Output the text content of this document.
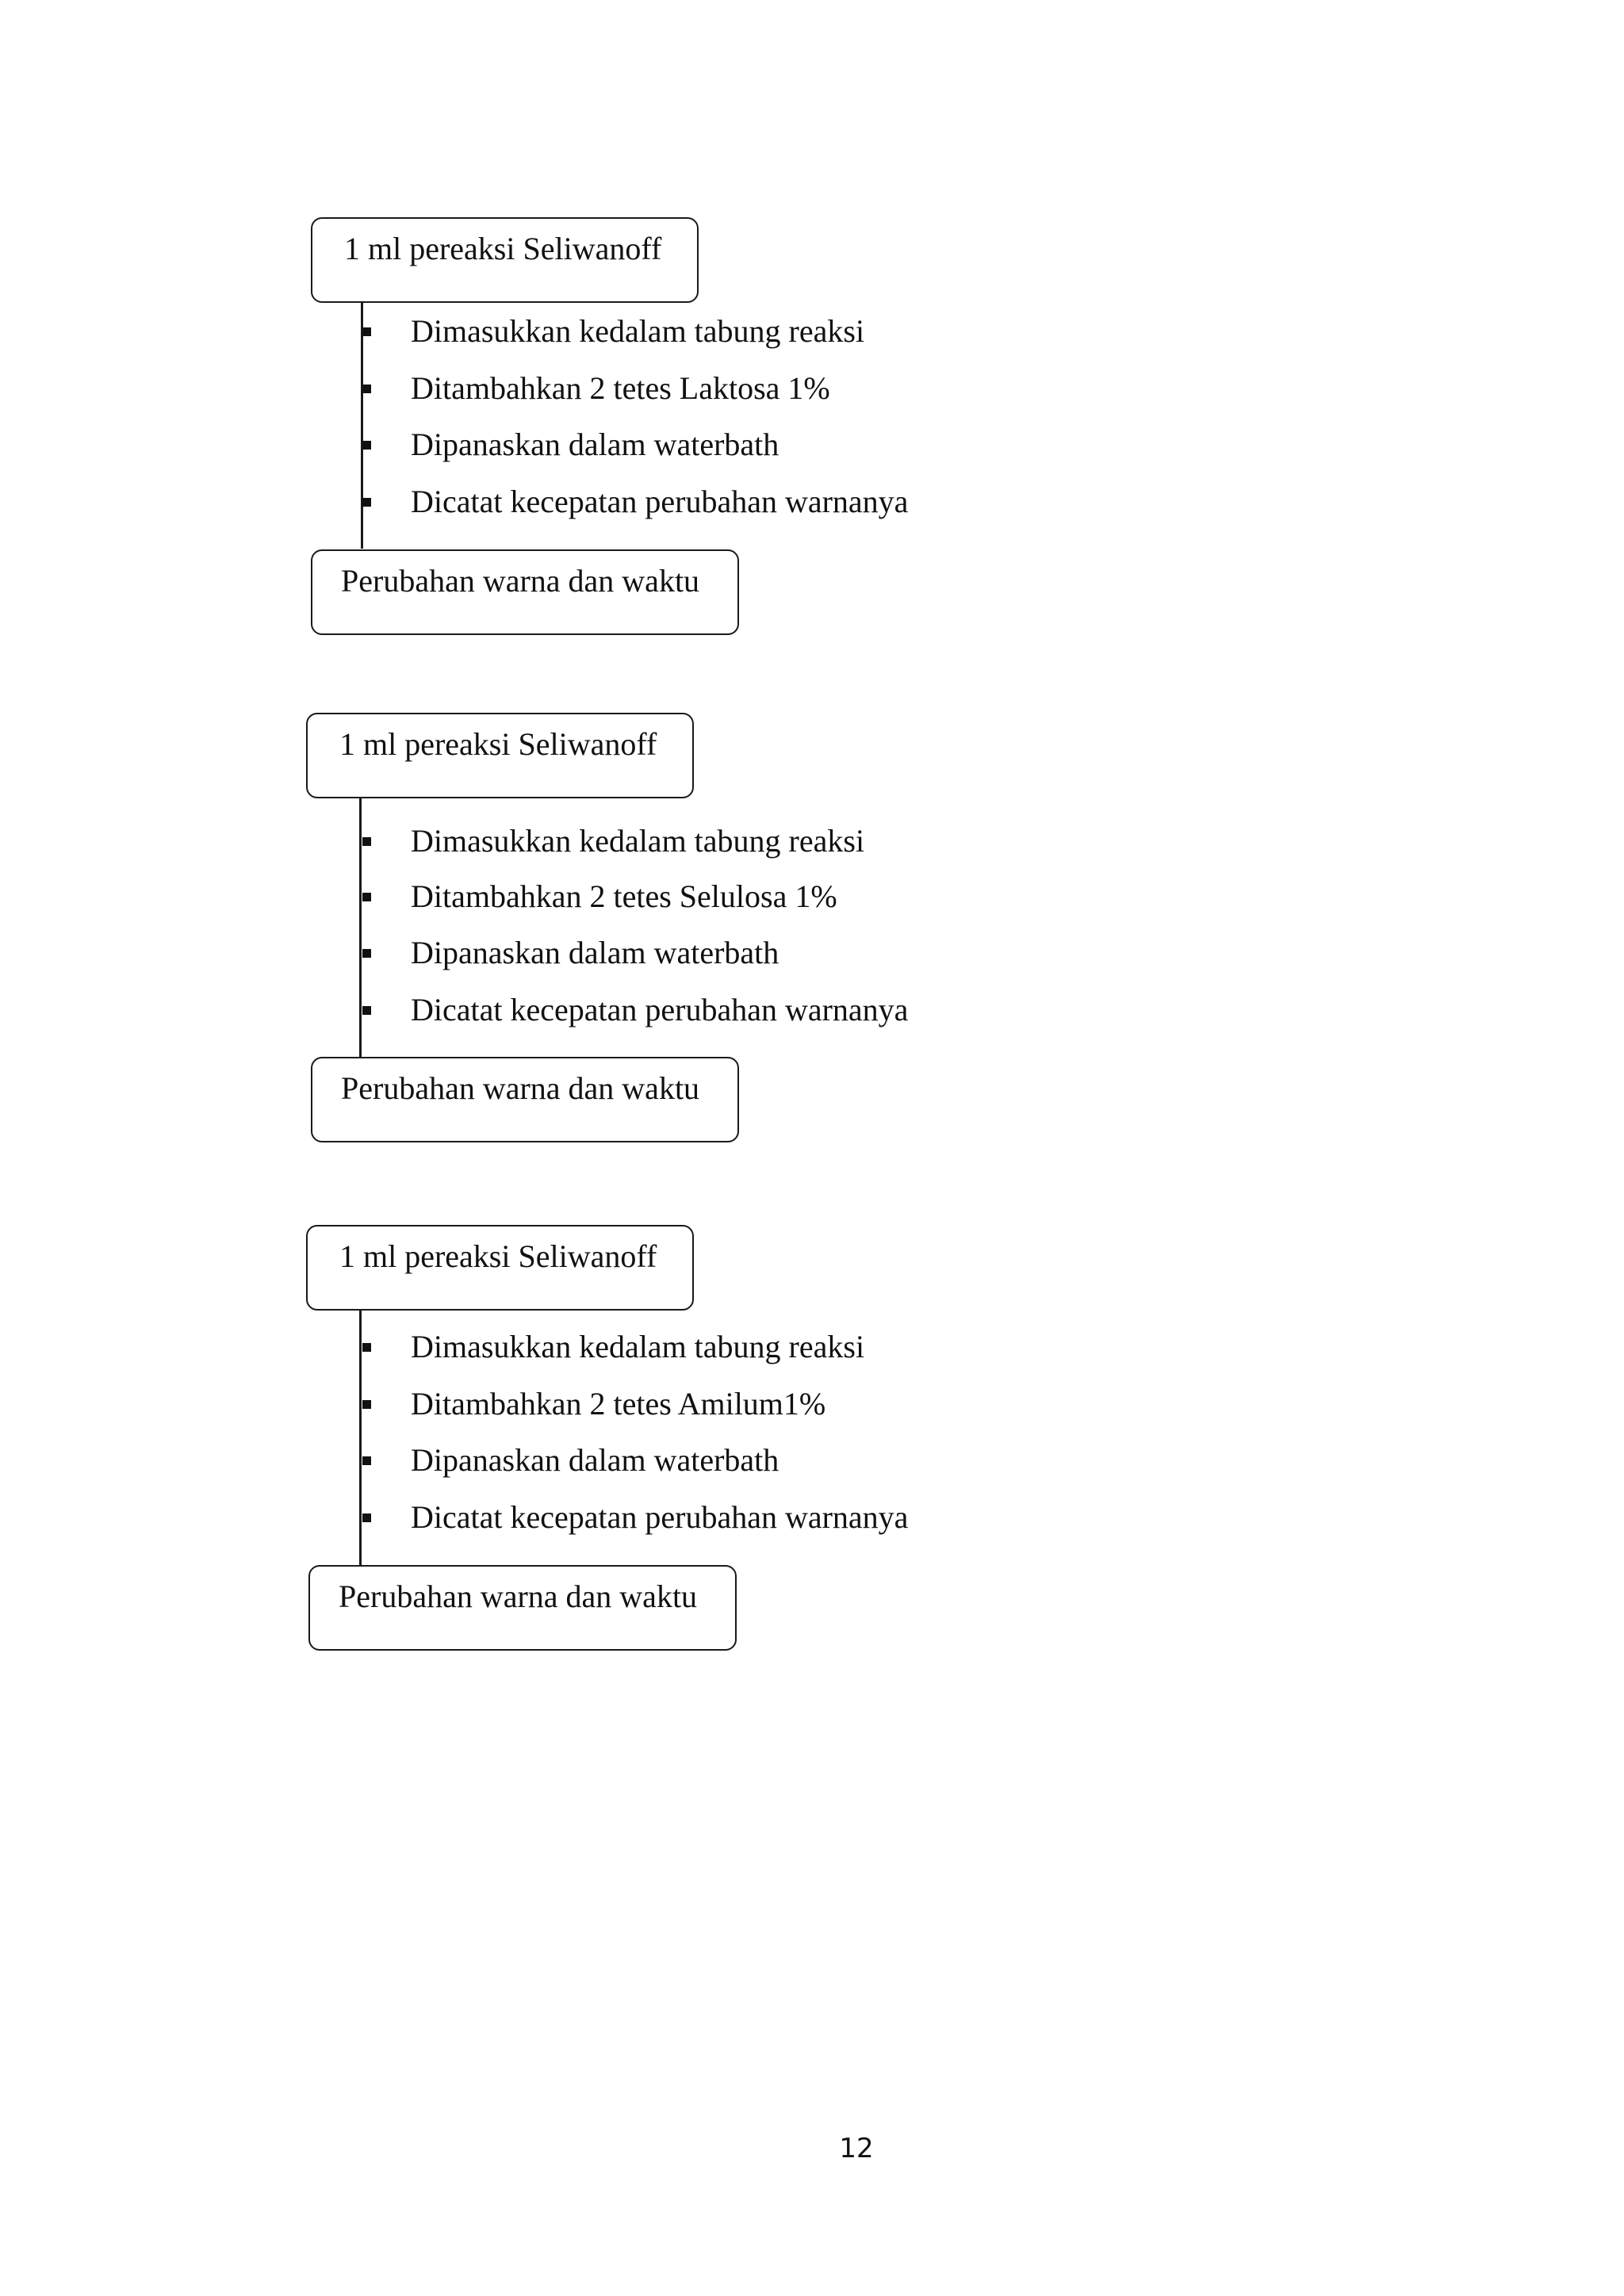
1 ml pereaksi Seliwanoff
Dimasukkan kedalam tabung reaksi
Ditambahkan 2 tetes Laktosa 1%
Dipanaskan dalam waterbath
Dicatat kecepatan perubahan warnanya
Perubahan warna dan waktu
1 ml pereaksi Seliwanoff
Dimasukkan kedalam tabung reaksi
Ditambahkan 2 tetes Selulosa 1%
Dipanaskan dalam waterbath
Dicatat kecepatan perubahan warnanya
Perubahan warna dan waktu
1 ml pereaksi Seliwanoff
Dimasukkan kedalam tabung reaksi
Ditambahkan 2 tetes Amilum1%
Dipanaskan dalam waterbath
Dicatat kecepatan perubahan warnanya
Perubahan warna dan waktu
12
